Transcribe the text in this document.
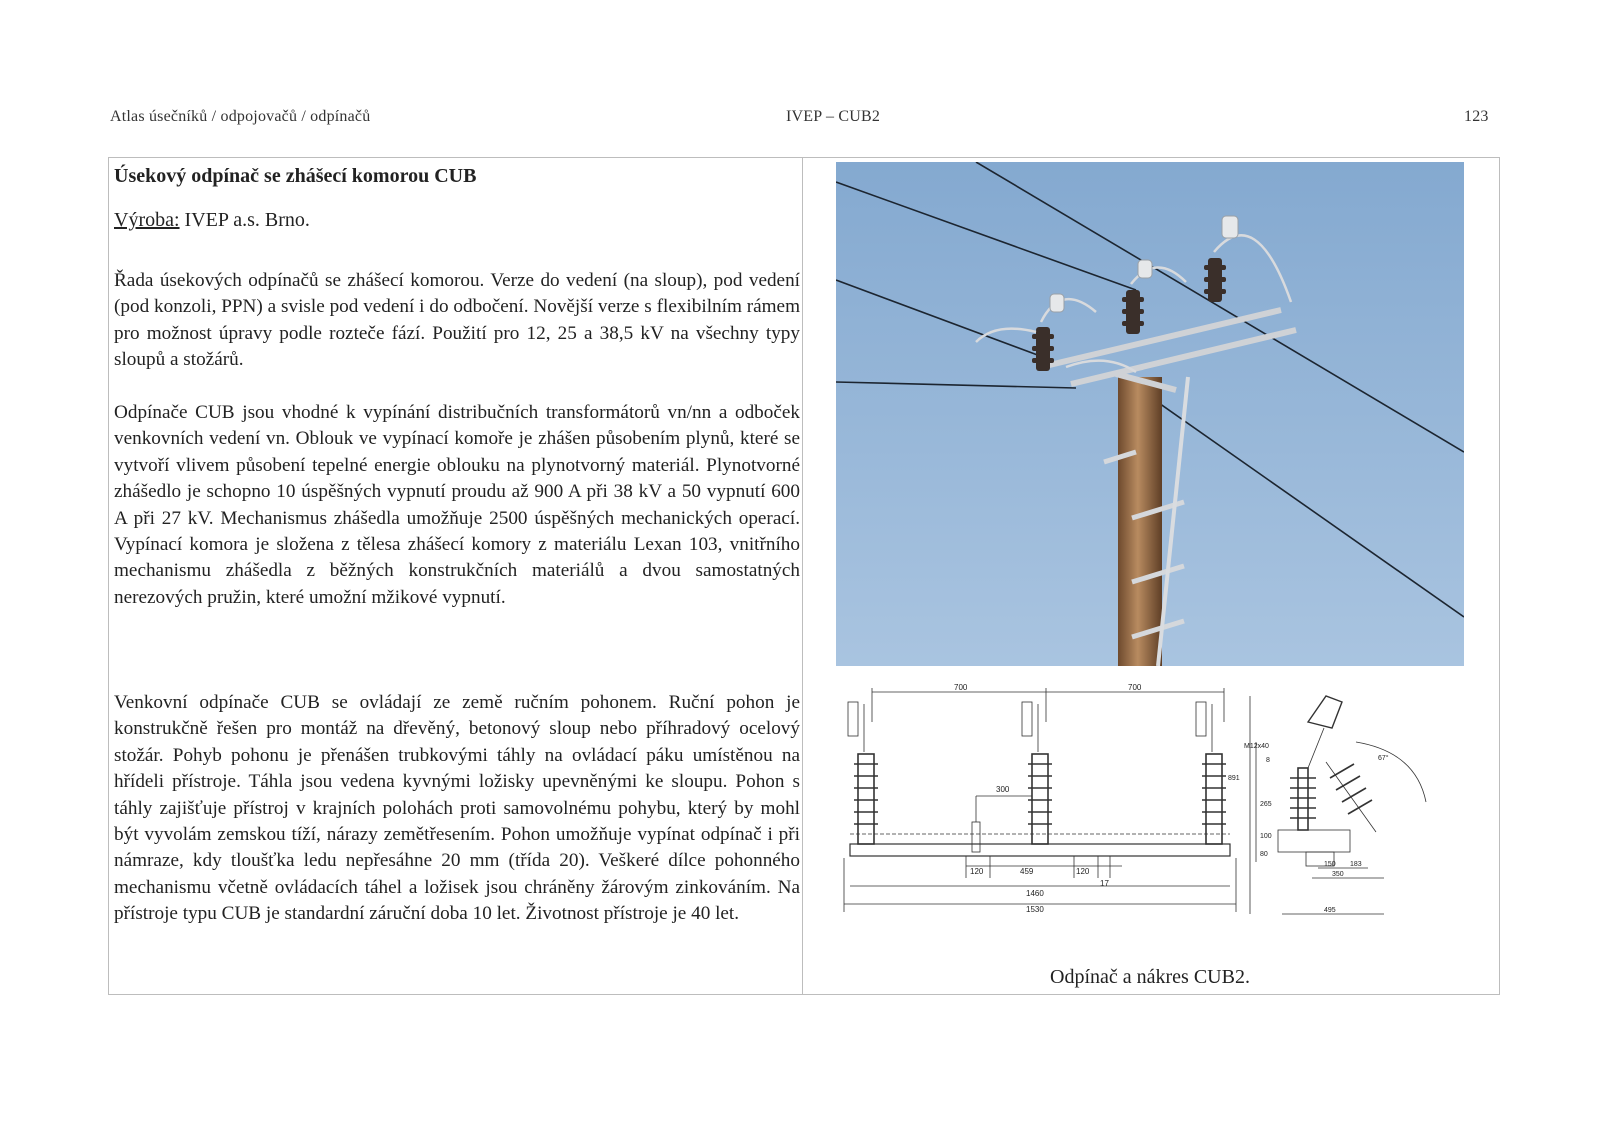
Atlas úsečníků / odpojovačů / odpínačů	IVEP – CUB2	123
Úsekový odpínač se zhášecí komorou CUB
Výroba: IVEP a.s. Brno.

Řada úsekových odpínačů se zhášecí komorou. Verze do vedení (na sloup), pod vedení (pod konzoli, PPN) a svisle pod vedení i do odbočení. Novější verze s flexibilním rámem pro možnost úpravy podle rozteče fází. Použití pro 12, 25 a 38,5 kV na všechny typy sloupů a stožárů.

Odpínače CUB jsou vhodné k vypínání distribučních transformátorů vn/nn a odboček venkovních vedení vn. Oblouk ve vypínací komoře je zhášen působením plynů, které se vytvoří vlivem působení tepelné energie oblouku na plynotvorný materiál. Plynotvorné zhášedlo je schopno 10 úspěšných vypnutí proudu až 900 A při 38 kV a 50 vypnutí 600 A při 27 kV. Mechanismus zhášedla umožňuje 2500 úspěšných mechanických operací. Vypínací komora je složena z tělesa zhášecí komory z materiálu Lexan 103, vnitřního mechanismu zhášedla z běžných konstrukčních materiálů a dvou samostatných nerezových pružin, které umožní mžikové vypnutí.

Venkovní odpínače CUB se ovládají ze země ručním pohonem. Ruční pohon je konstrukčně řešen pro montáž na dřevěný, betonový sloup nebo příhradový ocelový stožár. Pohyb pohonu je přenášen trubkovými táhly na ovládací páku umístěnou na hřídeli přístroje. Táhla jsou vedena kyvnými ložisky upevněnými ke sloupu. Pohon s táhly zajišťuje přístroj v krajních polohách proti samovolnému pohybu, který by mohl být vyvolám zemskou tíží, nárazy zemětřesením. Pohon umožňuje vypínat odpínač i při námraze, kdy tloušťka ledu nepřesáhne 20 mm (třída 20). Veškeré dílce pohonného mechanismu včetně ovládacích táhel a ložisek jsou chráněny žárovým zinkováním. Na přístroje typu CUB je standardní záruční doba 10 let. Životnost přístroje je 40 let.

700	700
300
120	459	120
17
1460
1530
M12x40
8
891
265
100
80
67°
150 183
350
495
Odpínač a nákres CUB2.
